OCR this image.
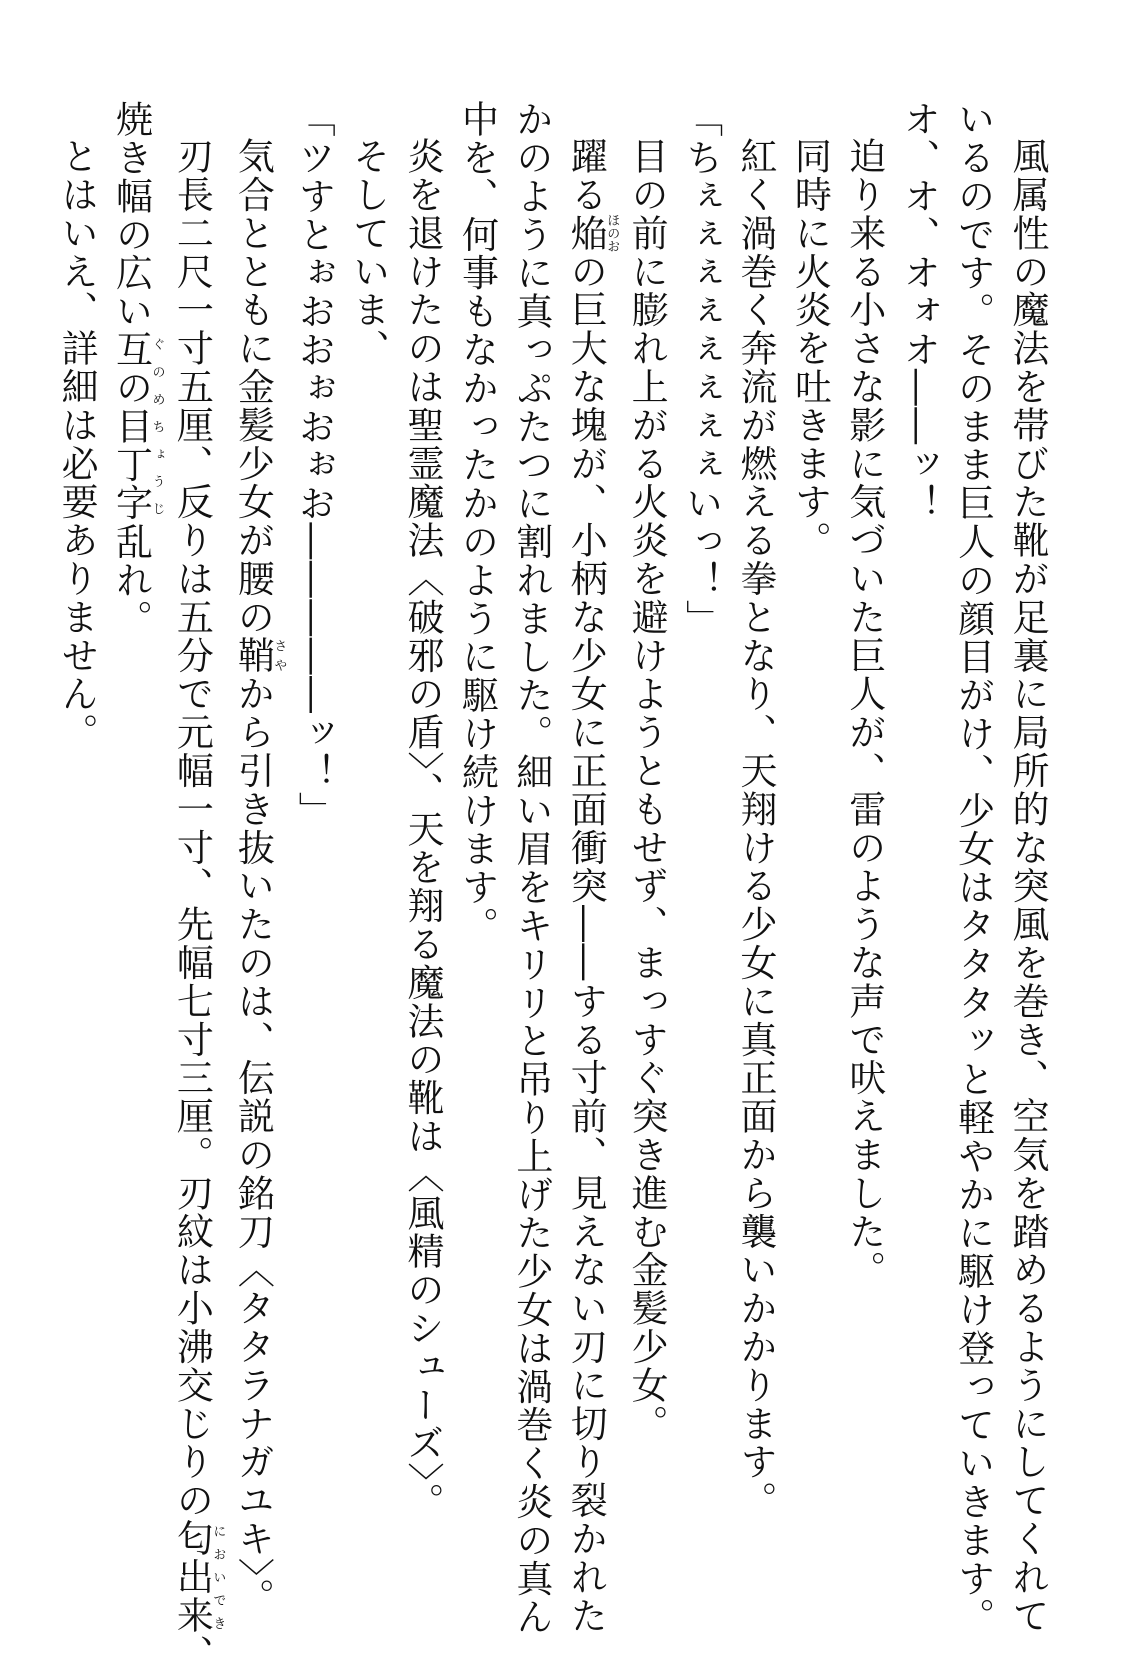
風属性の魔法を帯びた靴が足裏に局所的な突風を巻き、空気を踏めるようにしてくれて
いるのです。そのまま巨人の顔目がけ、少女はタタタッと軽やかに駆け登っていきます。
オ、オ、オォオ――ッ！
迫り来る小さな影に気づいた巨人が、雷のような声で吠えました。
同時に火炎を吐きます。
紅く渦巻く奔流が燃える拳となり、天翔ける少女に真正面から襲いかかります。
「ちぇぇぇぇぇぇぇぇいっ！」
目の前に膨れ上がる火炎を避けようともせず、まっすぐ突き進む金髪少女。
躍る焔ほのおの巨大な塊が、小柄な少女に正面衝突――する寸前、見えない刃に切り裂かれた
かのように真っぷたつに割れました。細い眉をキリリと吊り上げた少女は渦巻く炎の真ん
中を、何事もなかったかのように駆け続けます。
炎を退けたのは聖霊魔法〈破邪の盾〉、天を翔る魔法の靴は〈風精のシューズ〉。
そしていま、
「ツすとぉおおぉおぉお―――――ッ！」
気合とともに金髪少女が腰の鞘さやから引き抜いたのは、伝説の銘刀〈タタラナガユキ〉。
刃長二尺一寸五厘、反りは五分で元幅一寸、先幅七寸三厘。刃紋は小沸交じりの匂出来においでき、
焼き幅の広い互の目丁字ぐのめちょうじ乱れ。
とはいえ、詳細は必要ありません。
